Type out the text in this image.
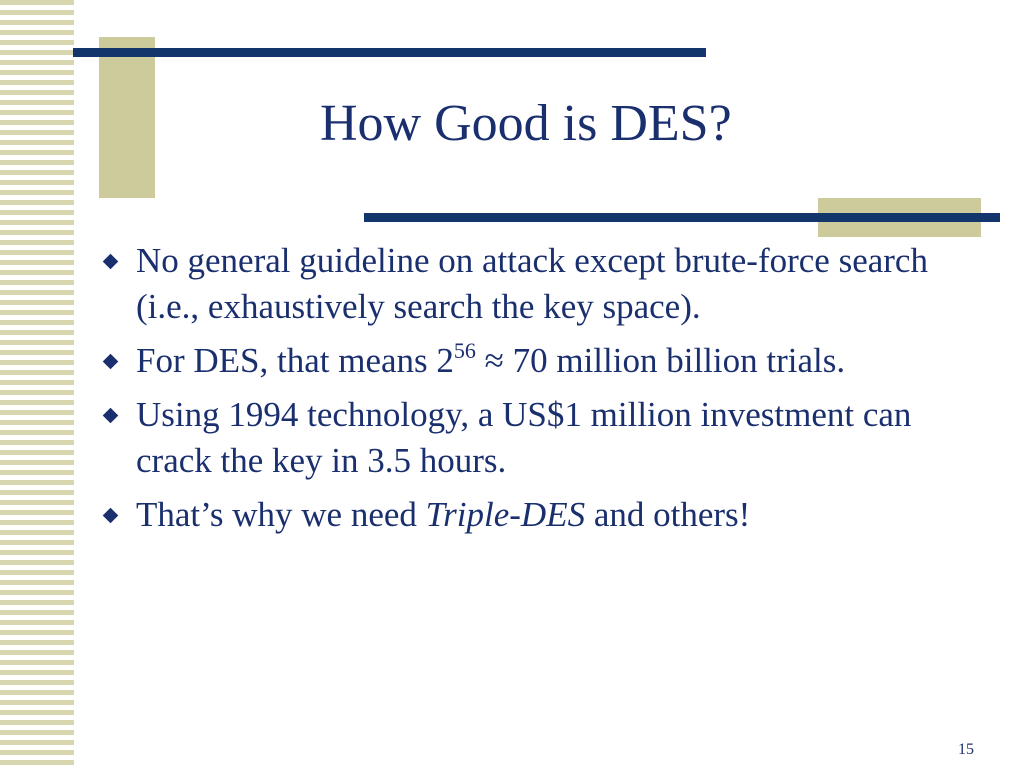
How Good is DES?
No general guideline on attack except brute-force search (i.e., exhaustively search the key space).
For DES, that means $2^{56} \approx 70$ million billion trials.
Using 1994 technology, a US$1 million investment can crack the key in 3.5 hours.
That’s why we need Triple-DES and others!
15
